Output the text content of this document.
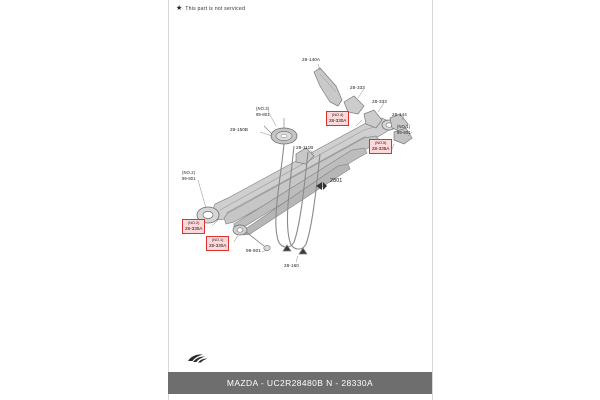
★ This part is not serviced
2801
28-140A
28-333
28-333
28-144
(NO.1)
99-801
(NO.3)
99-801
28-150B
28-111B
(NO.2)
99-801
99-801
28-160
(NO.4)
28-330A
(NO.5)
28-335A
(NO.2)
28-330A
(NO.1)
28-330A
MAZDA - UC2R28480B N - 28330A
